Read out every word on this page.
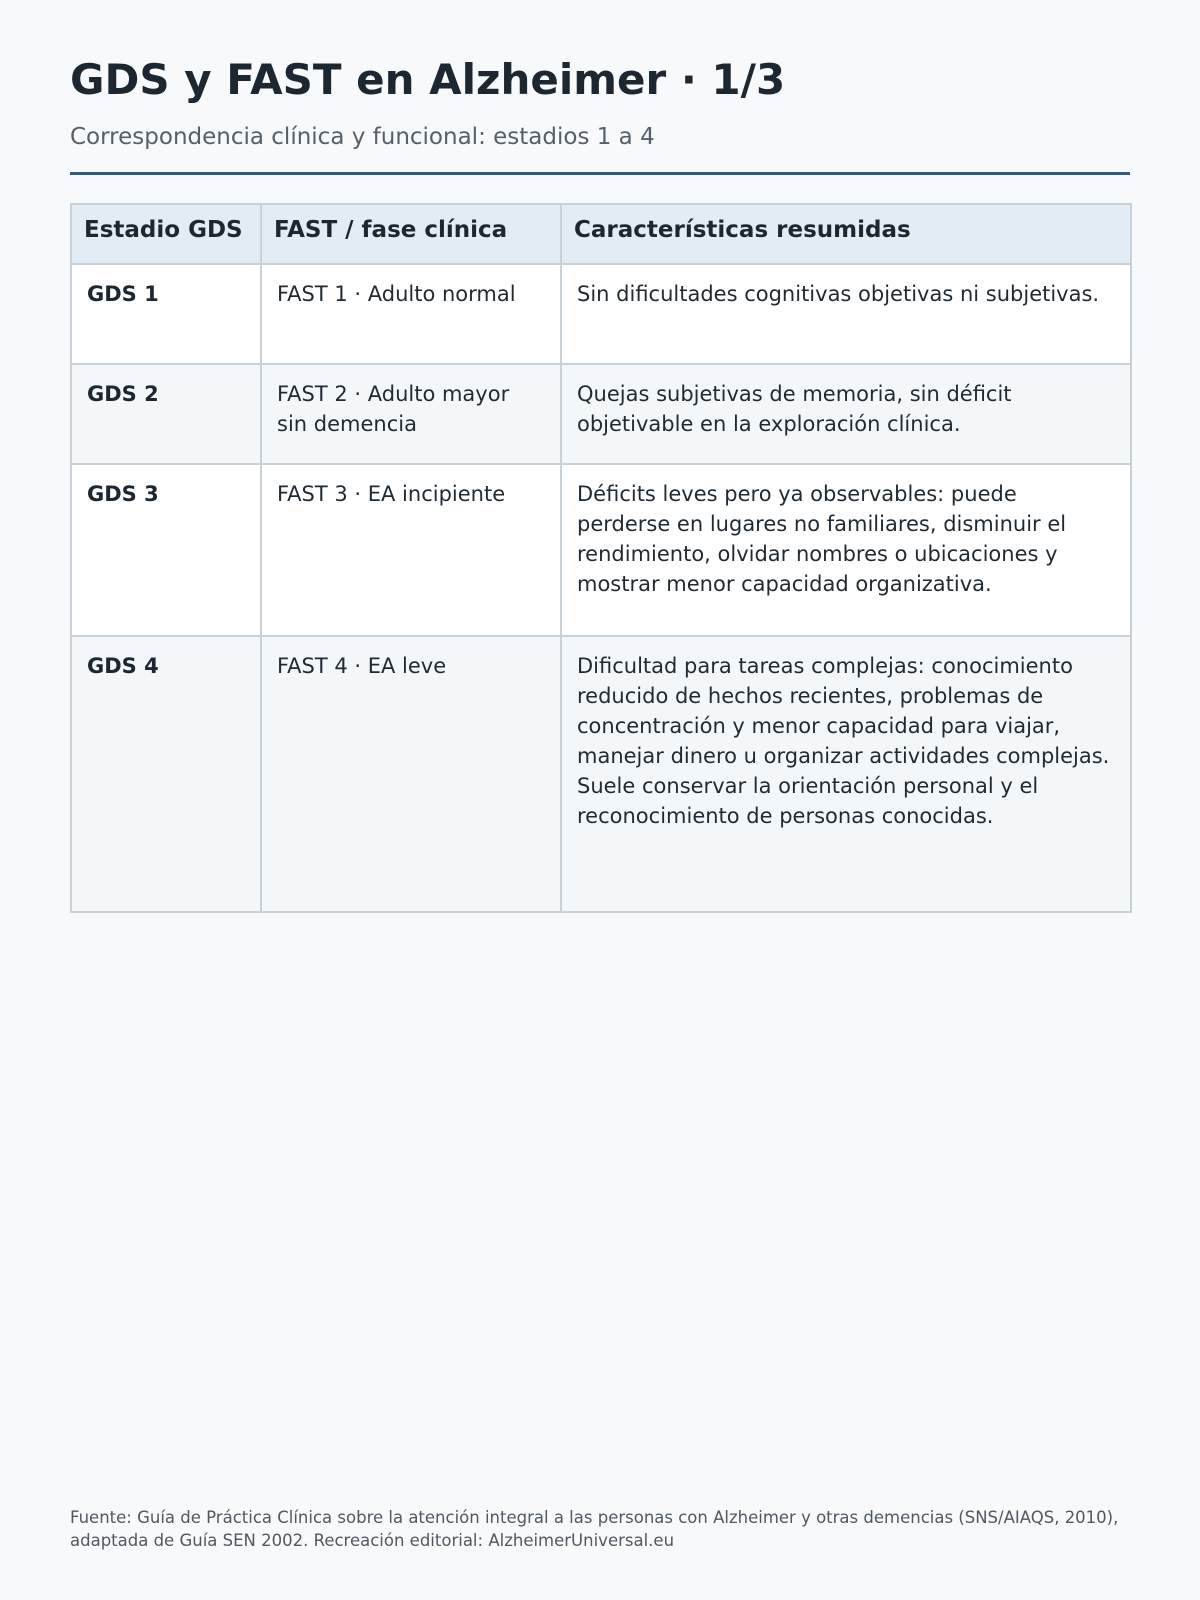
GDS y FAST en Alzheimer · 1/3

Correspondencia clínica y funcional: estadios 1 a 4

Estadio GDS	FAST / fase clínica	Características resumidas
GDS 1	FAST 1 · Adulto normal	Sin dificultades cognitivas objetivas ni subjetivas.
GDS 2	FAST 2 · Adulto mayor sin demencia	Quejas subjetivas de memoria, sin déficit objetivable en la exploración clínica.
GDS 3	FAST 3 · EA incipiente	Déficits leves pero ya observables: puede perderse en lugares no familiares, disminuir el rendimiento, olvidar nombres o ubicaciones y mostrar menor capacidad organizativa.
GDS 4	FAST 4 · EA leve	Dificultad para tareas complejas: conocimiento reducido de hechos recientes, problemas de concentración y menor capacidad para viajar, manejar dinero u organizar actividades complejas. Suele conservar la orientación personal y el reconocimiento de personas conocidas.

Fuente: Guía de Práctica Clínica sobre la atención integral a las personas con Alzheimer y otras demencias (SNS/AIAQS, 2010), adaptada de Guía SEN 2002. Recreación editorial: AlzheimerUniversal.eu
